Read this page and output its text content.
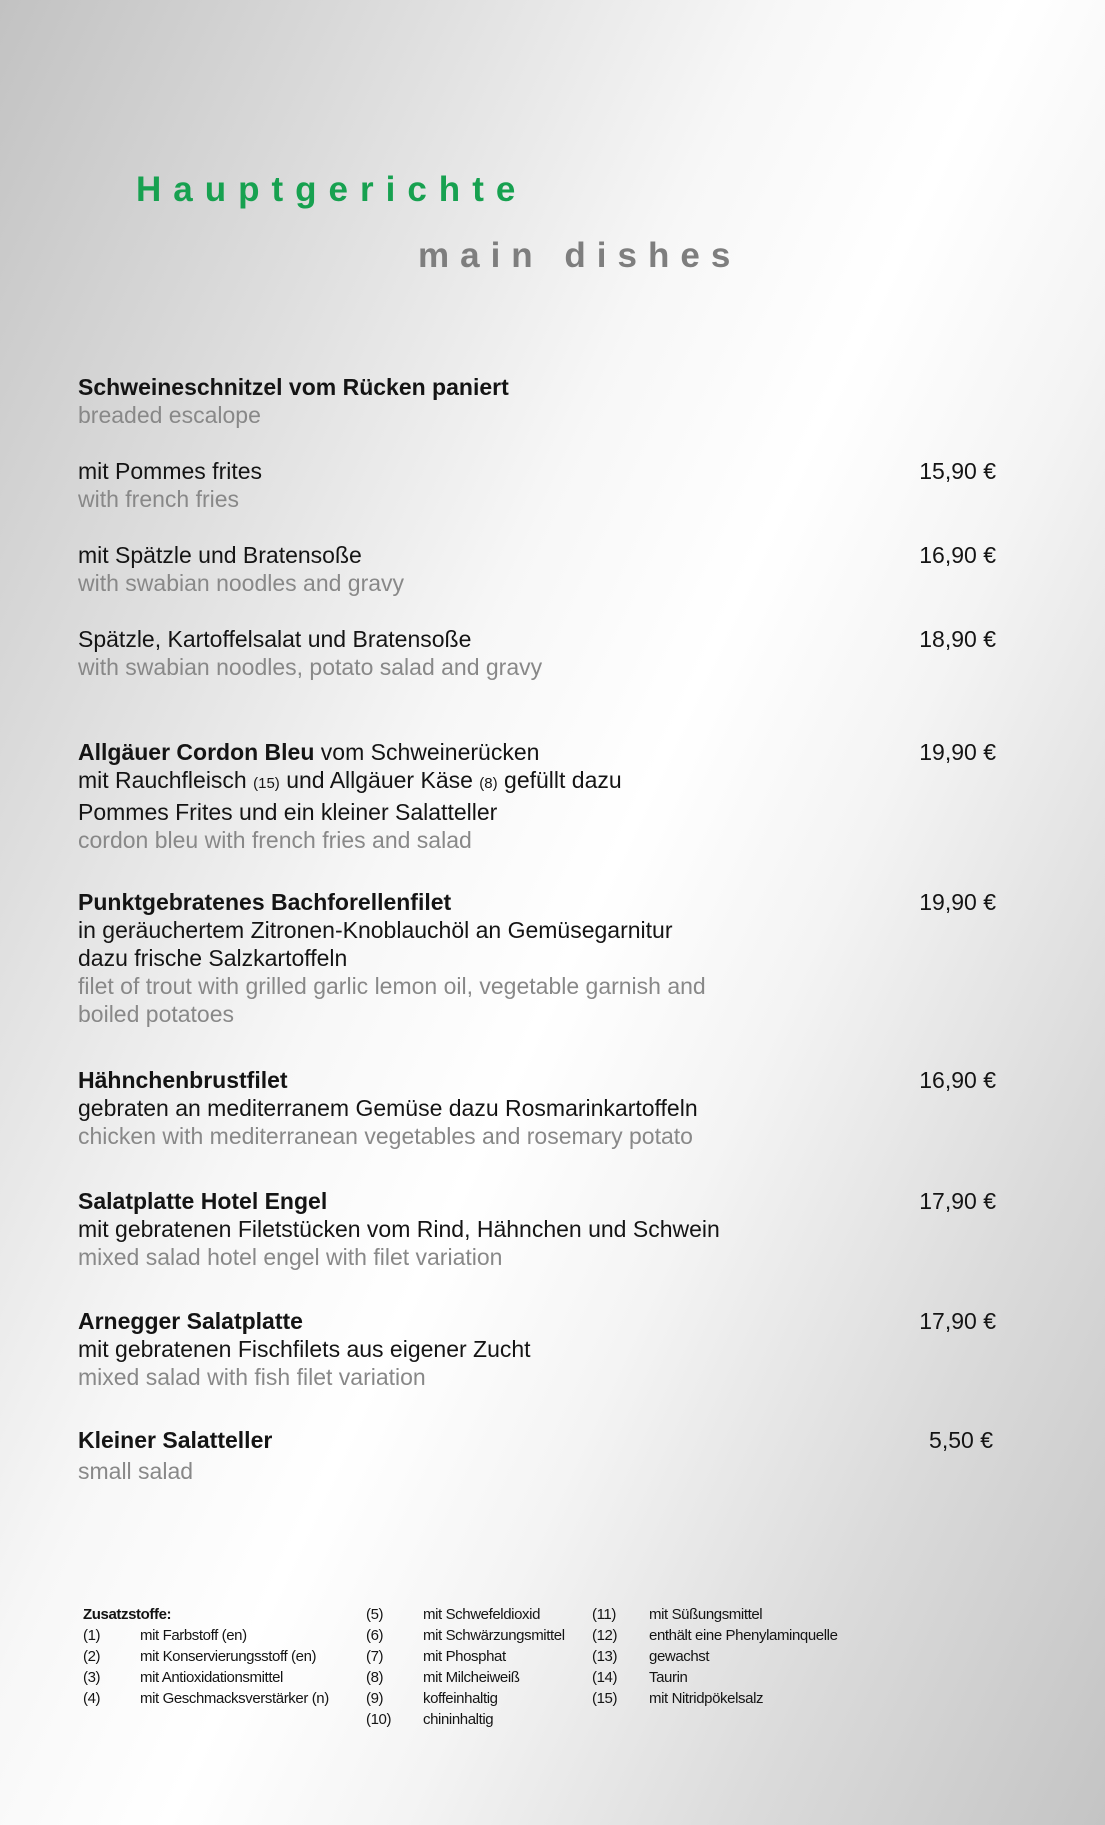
Hauptgerichte
main dishes
Schweineschnitzel vom Rücken paniert
breaded escalope
mit Pommes frites
with french fries
15,90 €
mit Spätzle und Bratensoße
with swabian noodles and gravy
16,90 €
Spätzle, Kartoffelsalat und Bratensoße
with swabian noodles, potato salad and gravy
18,90 €
Allgäuer Cordon Bleu vom Schweinerücken
mit Rauchfleisch (15) und Allgäuer Käse (8) gefüllt dazu
Pommes Frites und ein kleiner Salatteller
cordon bleu with french fries and salad
19,90 €
Punktgebratenes Bachforellenfilet
in geräuchertem Zitronen-Knoblauchöl an Gemüsegarnitur
dazu frische Salzkartoffeln
filet of trout with grilled garlic lemon oil, vegetable garnish and
boiled potatoes
19,90 €
Hähnchenbrustfilet
gebraten an mediterranem Gemüse dazu Rosmarinkartoffeln
chicken with mediterranean vegetables and rosemary potato
16,90 €
Salatplatte Hotel Engel
mit gebratenen Filetstücken vom Rind, Hähnchen und Schwein
mixed salad hotel engel with filet variation
17,90 €
Arnegger Salatplatte
mit gebratenen Fischfilets aus eigener Zucht
mixed salad with fish filet variation
17,90 €
Kleiner Salatteller
small salad
5,50 €
Zusatzstoffe:
(1)	mit Farbstoff (en)
(2)	mit Konservierungsstoff (en)
(3)	mit Antioxidationsmittel
(4)	mit Geschmacksverstärker (n)
(5)	mit Schwefeldioxid
(6)	mit Schwärzungsmittel
(7)	mit Phosphat
(8)	mit Milcheiweiß
(9)	koffeinhaltig
(10) chininhaltig
(11) mit Süßungsmittel
(12) enthält eine Phenylaminquelle
(13) gewachst
(14) Taurin
(15) mit Nitridpökelsalz
